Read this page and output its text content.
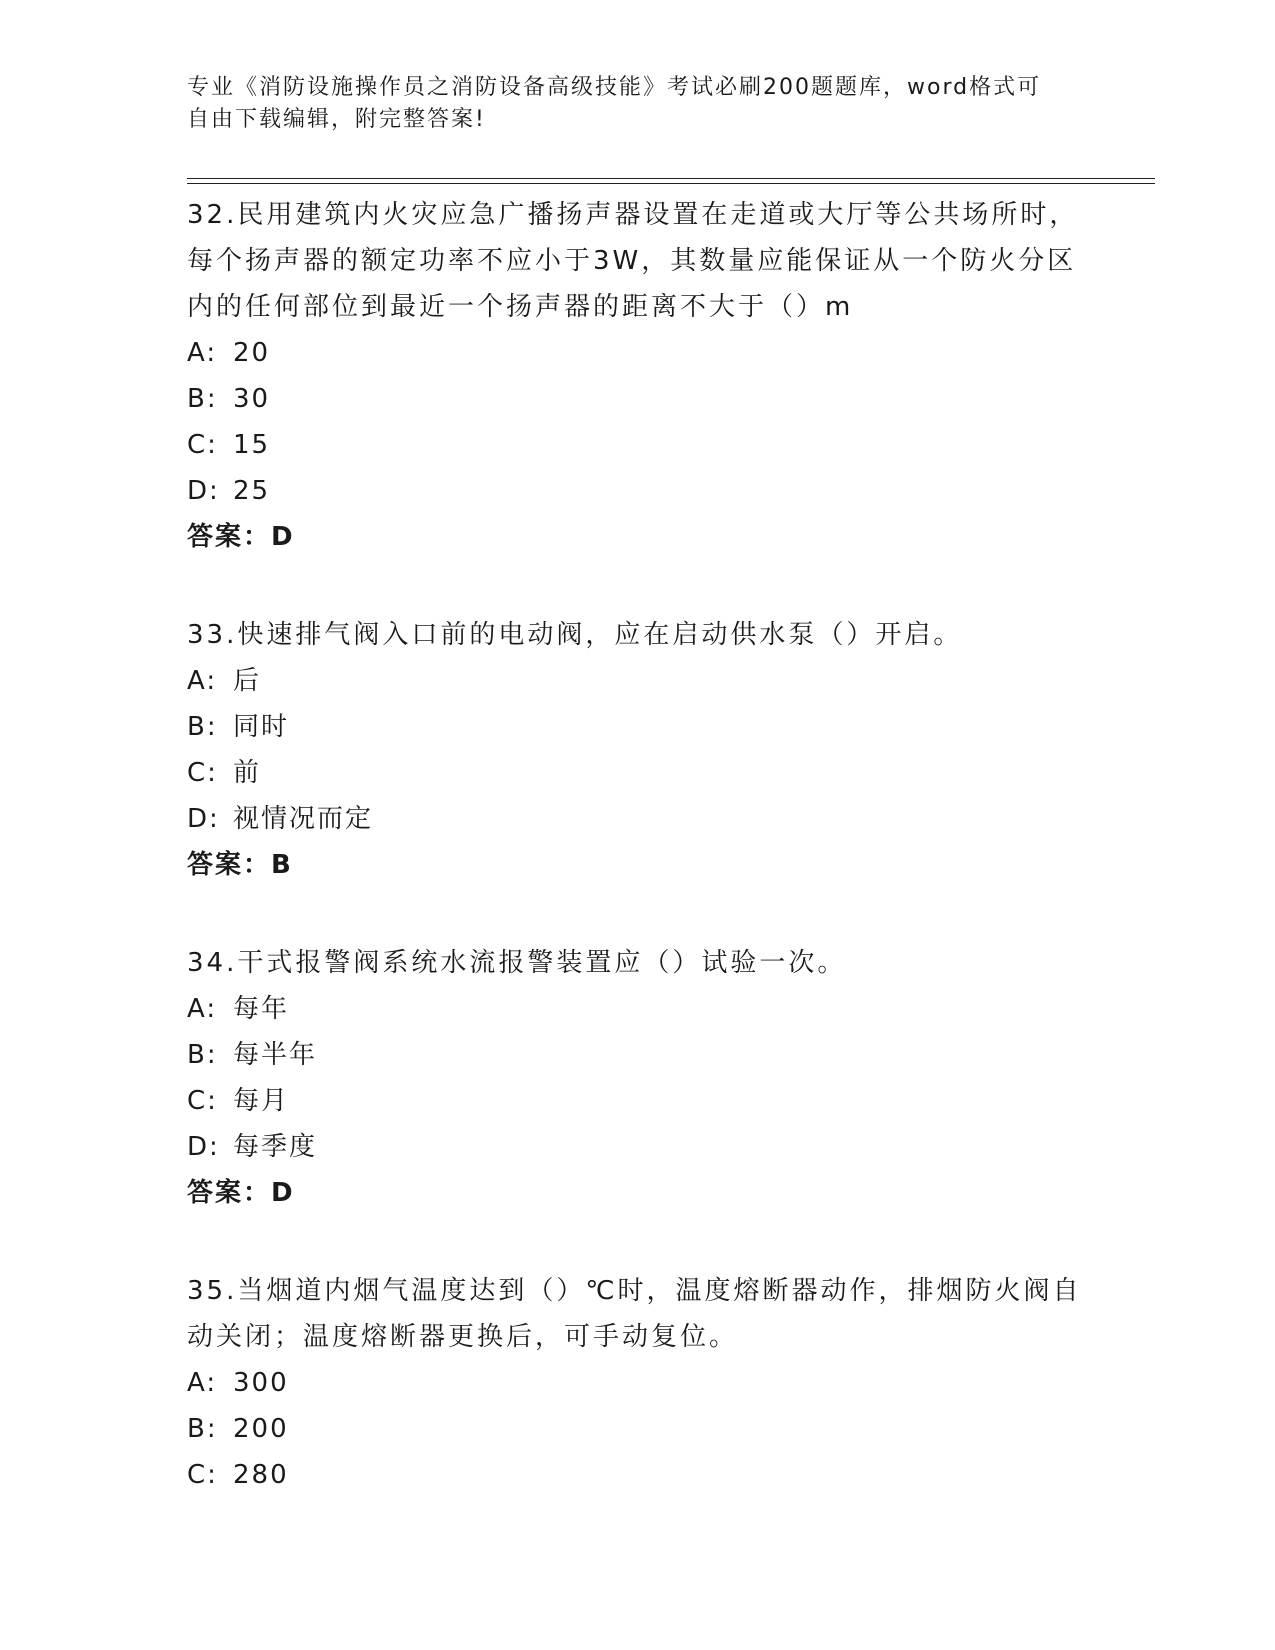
专业《消防设施操作员之消防设备高级技能》考试必刷200题题库，word格式可
自由下载编辑，附完整答案!

32.民用建筑内火灾应急广播扬声器设置在走道或大厅等公共场所时，每个扬声器的额定功率不应小于3W，其数量应能保证从一个防火分区内的任何部位到最近一个扬声器的距离不大于（）m

A: 20

B: 30

C: 15

D: 25

答案：D

33.快速排气阀入口前的电动阀，应在启动供水泵（）开启。

A: 后

B: 同时

C: 前

D: 视情况而定

答案：B

34.干式报警阀系统水流报警装置应（）试验一次。

A: 每年

B: 每半年

C: 每月

D: 每季度

答案：D

35.当烟道内烟气温度达到（）℃时，温度熔断器动作，排烟防火阀自动关闭；温度熔断器更换后，可手动复位。

A: 300

B: 200

C: 280
